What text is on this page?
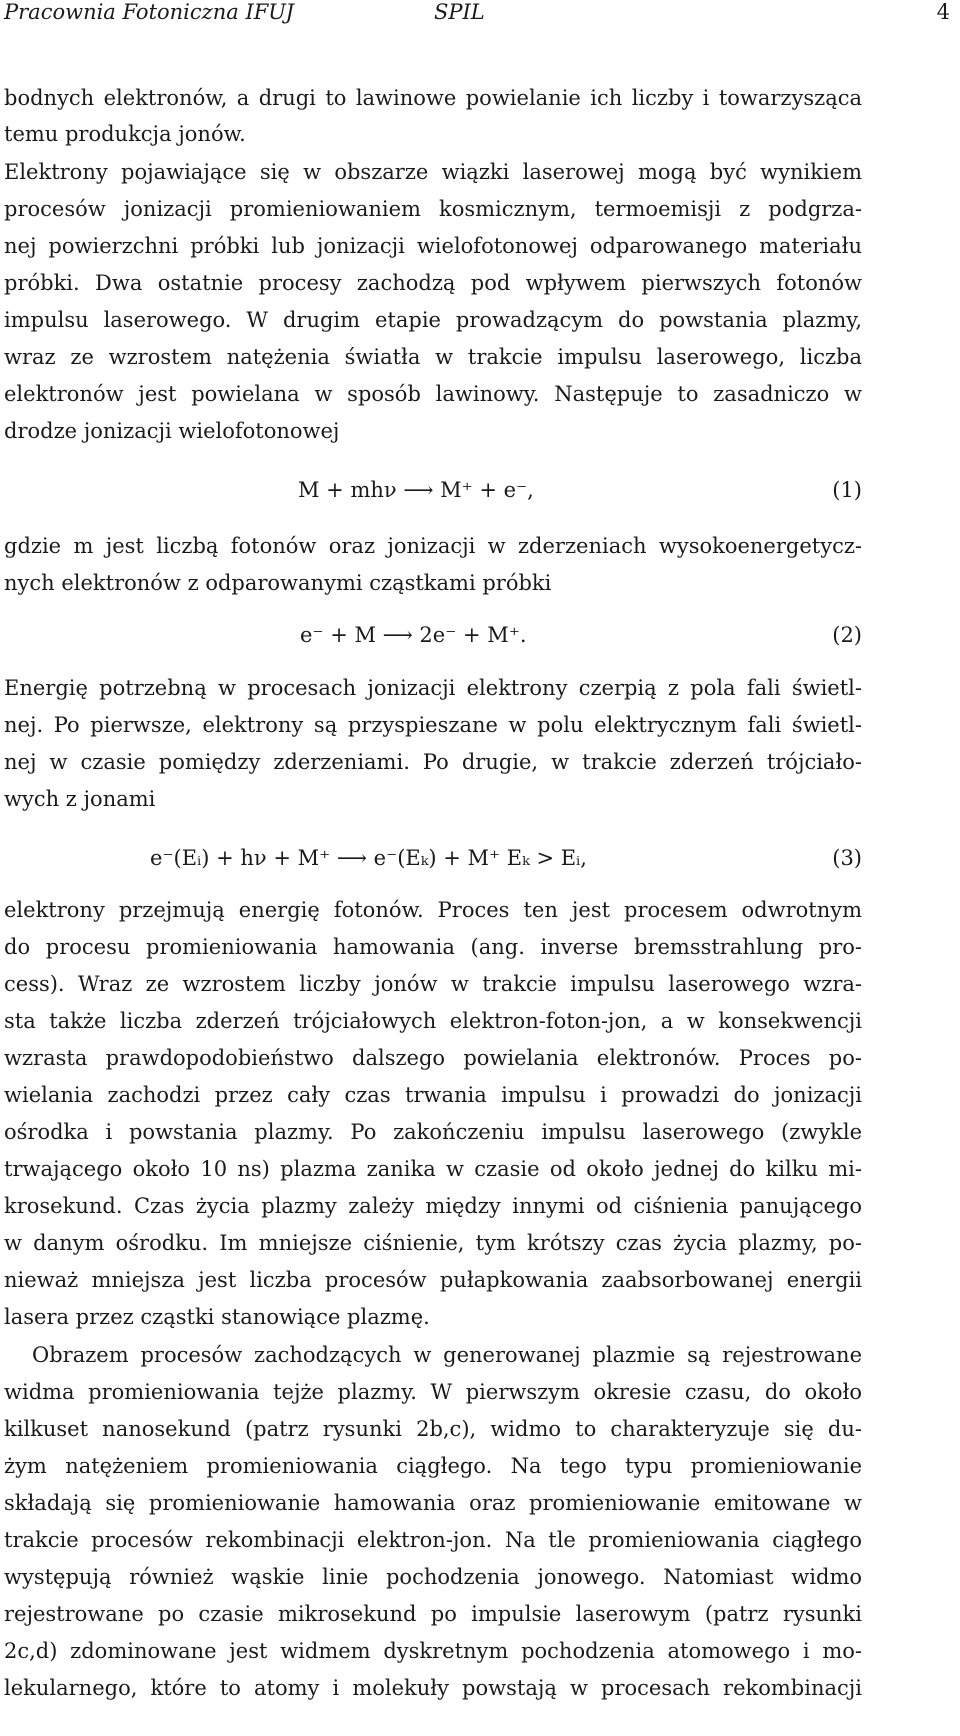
Pracownia Fotoniczna IFUJ	SPIL	4
bodnych elektronów, a drugi to lawinowe powielanie ich liczby i towarzysząca
temu produkcja jonów.
Elektrony pojawiające się w obszarze wiązki laserowej mogą być wynikiem
procesów jonizacji promieniowaniem kosmicznym, termoemisji z podgrza-
nej powierzchni próbki lub jonizacji wielofotonowej odparowanego materiału
próbki. Dwa ostatnie procesy zachodzą pod wpływem pierwszych fotonów
impulsu laserowego. W drugim etapie prowadzącym do powstania plazmy,
wraz ze wzrostem natężenia światła w trakcie impulsu laserowego, liczba
elektronów jest powielana w sposób lawinowy. Następuje to zasadniczo w
drodze jonizacji wielofotonowej
M + mhν ⟶ M⁺ + e⁻,	(1)
gdzie m jest liczbą fotonów oraz jonizacji w zderzeniach wysokoenergetycz-
nych elektronów z odparowanymi cząstkami próbki
e⁻ + M ⟶ 2e⁻ + M⁺.	(2)
Energię potrzebną w procesach jonizacji elektrony czerpią z pola fali świetl-
nej. Po pierwsze, elektrony są przyspieszane w polu elektrycznym fali świetl-
nej w czasie pomiędzy zderzeniami. Po drugie, w trakcie zderzeń trójciało-
wych z jonami
e⁻(Eᵢ) + hν + M⁺ ⟶ e⁻(Eₖ) + M⁺ Eₖ > Eᵢ,	(3)
elektrony przejmują energię fotonów. Proces ten jest procesem odwrotnym
do procesu promieniowania hamowania (ang. inverse bremsstrahlung pro-
cess). Wraz ze wzrostem liczby jonów w trakcie impulsu laserowego wzra-
sta także liczba zderzeń trójciałowych elektron-foton-jon, a w konsekwencji
wzrasta prawdopodobieństwo dalszego powielania elektronów. Proces po-
wielania zachodzi przez cały czas trwania impulsu i prowadzi do jonizacji
ośrodka i powstania plazmy. Po zakończeniu impulsu laserowego (zwykle
trwającego około 10 ns) plazma zanika w czasie od około jednej do kilku mi-
krosekund. Czas życia plazmy zależy między innymi od ciśnienia panującego
w danym ośrodku. Im mniejsze ciśnienie, tym krótszy czas życia plazmy, po-
nieważ mniejsza jest liczba procesów pułapkowania zaabsorbowanej energii
lasera przez cząstki stanowiące plazmę.
Obrazem procesów zachodzących w generowanej plazmie są rejestrowane
widma promieniowania tejże plazmy. W pierwszym okresie czasu, do około
kilkuset nanosekund (patrz rysunki 2b,c), widmo to charakteryzuje się du-
żym natężeniem promieniowania ciągłego. Na tego typu promieniowanie
składają się promieniowanie hamowania oraz promieniowanie emitowane w
trakcie procesów rekombinacji elektron-jon. Na tle promieniowania ciągłego
występują również wąskie linie pochodzenia jonowego. Natomiast widmo
rejestrowane po czasie mikrosekund po impulsie laserowym (patrz rysunki
2c,d) zdominowane jest widmem dyskretnym pochodzenia atomowego i mo-
lekularnego, które to atomy i molekuły powstają w procesach rekombinacji
